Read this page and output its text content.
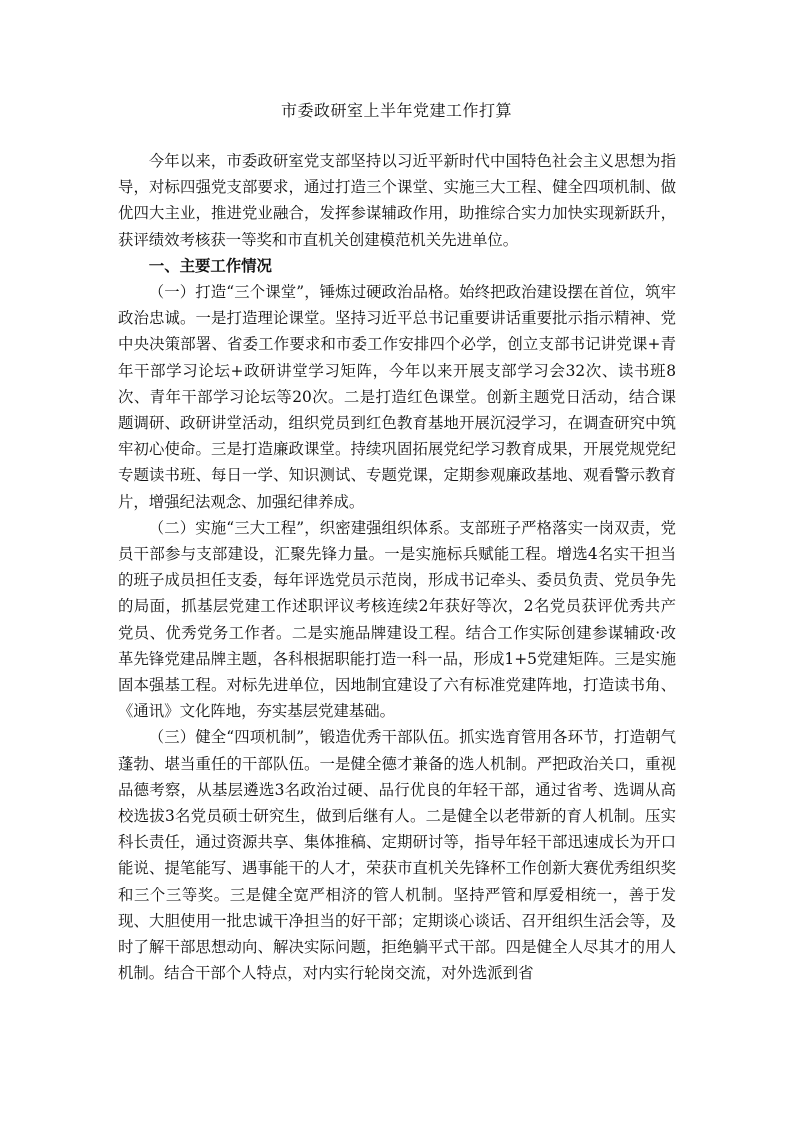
市委政研室上半年党建工作打算

今年以来，市委政研室党支部坚持以习近平新时代中国特色社会主义思想为指导，对标四强党支部要求，通过打造三个课堂、实施三大工程、健全四项机制、做优四大主业，推进党业融合，发挥参谋辅政作用，助推综合实力加快实现新跃升，获评绩效考核获一等奖和市直机关创建模范机关先进单位。

一、主要工作情况

（一）打造“三个课堂”，锤炼过硬政治品格。始终把政治建设摆在首位，筑牢政治忠诚。一是打造理论课堂。坚持习近平总书记重要讲话重要批示指示精神、党中央决策部署、省委工作要求和市委工作安排四个必学，创立支部书记讲党课+青年干部学习论坛+政研讲堂学习矩阵，今年以来开展支部学习会32次、读书班8次、青年干部学习论坛等20次。二是打造红色课堂。创新主题党日活动，结合课题调研、政研讲堂活动，组织党员到红色教育基地开展沉浸学习，在调查研究中筑牢初心使命。三是打造廉政课堂。持续巩固拓展党纪学习教育成果，开展党规党纪专题读书班、每日一学、知识测试、专题党课，定期参观廉政基地、观看警示教育片，增强纪法观念、加强纪律养成。

（二）实施“三大工程”，织密建强组织体系。支部班子严格落实一岗双责，党员干部参与支部建设，汇聚先锋力量。一是实施标兵赋能工程。增选4名实干担当的班子成员担任支委，每年评选党员示范岗，形成书记牵头、委员负责、党员争先的局面，抓基层党建工作述职评议考核连续2年获好等次，2名党员获评优秀共产党员、优秀党务工作者。二是实施品牌建设工程。结合工作实际创建参谋辅政·改革先锋党建品牌主题，各科根据职能打造一科一品，形成1+5党建矩阵。三是实施固本强基工程。对标先进单位，因地制宜建设了六有标准党建阵地，打造读书角、《通讯》文化阵地，夯实基层党建基础。

（三）健全“四项机制”，锻造优秀干部队伍。抓实选育管用各环节，打造朝气蓬勃、堪当重任的干部队伍。一是健全德才兼备的选人机制。严把政治关口，重视品德考察，从基层遴选3名政治过硬、品行优良的年轻干部，通过省考、选调从高校选拔3名党员硕士研究生，做到后继有人。二是健全以老带新的育人机制。压实科长责任，通过资源共享、集体推稿、定期研讨等，指导年轻干部迅速成长为开口能说、提笔能写、遇事能干的人才，荣获市直机关先锋杯工作创新大赛优秀组织奖和三个三等奖。三是健全宽严相济的管人机制。坚持严管和厚爱相统一，善于发现、大胆使用一批忠诚干净担当的好干部；定期谈心谈话、召开组织生活会等，及时了解干部思想动向、解决实际问题，拒绝躺平式干部。四是健全人尽其才的用人机制。结合干部个人特点，对内实行轮岗交流，对外选派到省
